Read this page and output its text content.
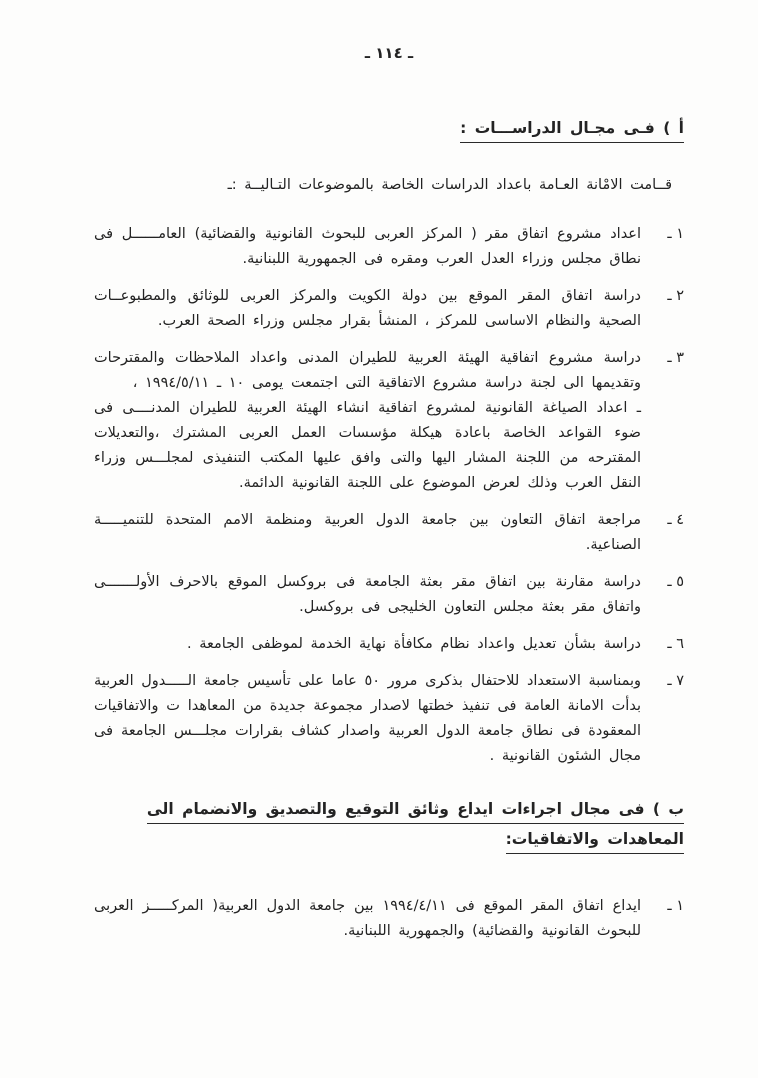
ـ ١١٤ ـ
أ ) فـى مجـال الدراســـات :

قــامت الامْانة العـامة باعداد الدراسات الخاصة بالموضوعات التـاليــة :ـ

١ ـ
اعداد مشروع اتفاق مقر ( المركز العربى للبحوث القانونية والقضائية) العامــــــل فى نطاق مجلس وزراء العدل العرب ومقره فى الجمهورية اللبنانية.
٢ ـ
دراسة اتفاق المقر الموقع بين دولة الكويت والمركز العربى للوثائق والمطبوعــات الصحية والنظام الاساسى للمركز ، المنشأ بقرار مجلس وزراء الصحة العرب.
٣ ـ
دراسة مشروع اتفاقية الهيئة العربية للطيران المدنى واعداد الملاحظات والمقترحات وتقديمها الى لجنة دراسة مشروع الاتفاقية التى اجتمعت يومى ١٠ ـ ١٩٩٤/٥/١١ ،
ـ اعداد الصياغة القانونية لمشروع اتفاقية انشاء الهيئة العربية للطيران المدنــــى فى ضوء القواعد الخاصة باعادة هيكلة مؤسسات العمل العربى المشترك ،والتعديلات المقترحه من اللجنة المشار اليها والتى وافق عليها المكتب التنفيذى لمجلـــس وزراء النقل العرب وذلك لعرض الموضوع على اللجنة القانونية الدائمة.
٤ ـ
مراجعة اتفاق التعاون بين جامعة الدول العربية ومنظمة الامم المتحدة للتنميـــــة الصناعية.
٥ ـ
دراسة مقارنة بين اتفاق مقر بعثة الجامعة فى بروكسل الموقع بالاحرف الأولـــــــى واتفاق مقر بعثة مجلس التعاون الخليجى فى بروكسل.
٦ ـ
دراسة بشأن تعديل واعداد نظام مكافأة نهاية الخدمة لموظفى الجامعة .
٧ ـ
وبمناسبة الاستعداد للاحتفال بذكرى مرور ٥٠ عاما على تأسيس جامعة الـــــدول العربية بدأت الامانة العامة فى تنفيذ خطتها لاصدار مجموعة جديدة من المعاهدا ت والاتفاقيات المعقودة فى نطاق جامعة الدول العربية واصدار كشاف بقرارات مجلـــس الجامعة فى مجال الشئون القانونية .
ب ) فى مجال اجراءات ايداع وثائق التوقيع والتصديق والانضمام الى المعاهدات والاتفاقيات:
١ ـ
ايداع اتفاق المقر الموقع فى ١٩٩٤/٤/١١ بين جامعة الدول العربية( المركـــــز العربى للبحوث القانونية والقضائية) والجمهورية اللبنانية.
